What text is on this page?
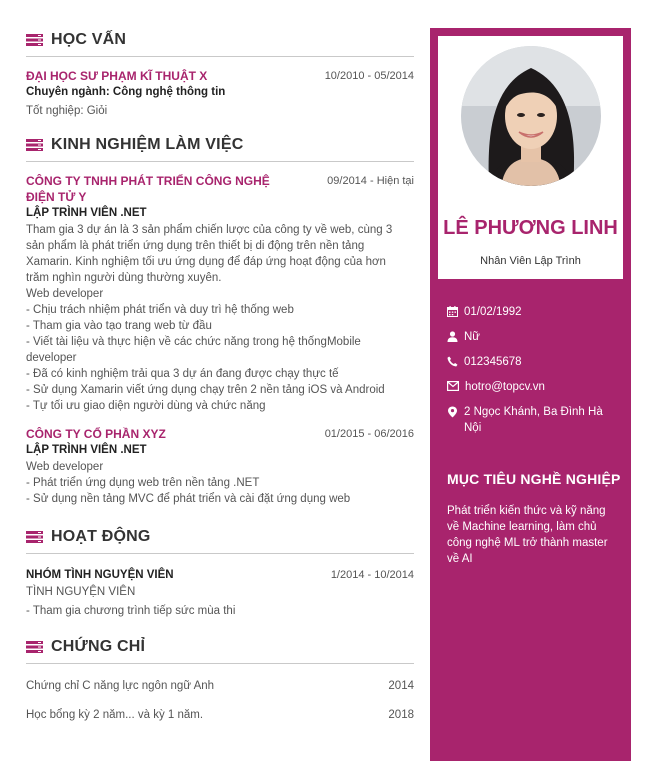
HỌC VẤN
ĐẠI HỌC SƯ PHẠM KĨ THUẬT X	10/2010 - 05/2014
Chuyên ngành: Công nghệ thông tin
Tốt nghiệp: Giỏi
KINH NGHIỆM LÀM VIỆC
CÔNG TY TNHH PHÁT TRIỂN CÔNG NGHỆ
ĐIỆN TỬ Y
09/2014 - Hiện tại
LẬP TRÌNH VIÊN .NET
Tham gia 3 dự án là 3 sản phẩm chiến lược của công ty về web, cùng 3
sản phẩm là phát triển ứng dụng trên thiết bị di động trên nền tảng
Xamarin. Kinh nghiệm tối ưu ứng dụng để đáp ứng hoạt động của hơn
trăm nghìn người dùng thường xuyên.
Web developer
- Chịu trách nhiệm phát triển và duy trì hệ thống web
- Tham gia vào tạo trang web từ đầu
- Viết tài liệu và thực hiện về các chức năng trong hệ thốngMobile
developer
- Đã có kinh nghiệm trải qua 3 dự án đang được chạy thực tế
- Sử dụng Xamarin viết ứng dụng chạy trên 2 nền tảng iOS và Android
- Tự tối ưu giao diện người dùng và chức năng
CÔNG TY CỔ PHẦN XYZ	01/2015 - 06/2016
LẬP TRÌNH VIÊN .NET
Web developer
- Phát triển ứng dụng web trên nền tảng .NET
- Sử dụng nền tảng MVC để phát triển và cài đặt ứng dụng web
HOẠT ĐỘNG
NHÓM TÌNH NGUYỆN VIÊN	1/2014 - 10/2014
TÌNH NGUYỆN VIÊN
- Tham gia chương trình tiếp sức mùa thi
CHỨNG CHỈ
Chứng chỉ C năng lực ngôn ngữ Anh	2014
Học bổng kỳ 2 năm... và kỳ 1 năm.	2018
LÊ PHƯƠNG LINH
Nhân Viên Lập Trình
01/02/1992
Nữ
012345678
hotro@topcv.vn
2 Ngọc Khánh, Ba Đình Hà
Nội
MỤC TIÊU NGHỀ NGHIỆP
Phát triển kiến thức và kỹ năng
về Machine learning, làm chủ
công nghệ ML trở thành master
về AI
